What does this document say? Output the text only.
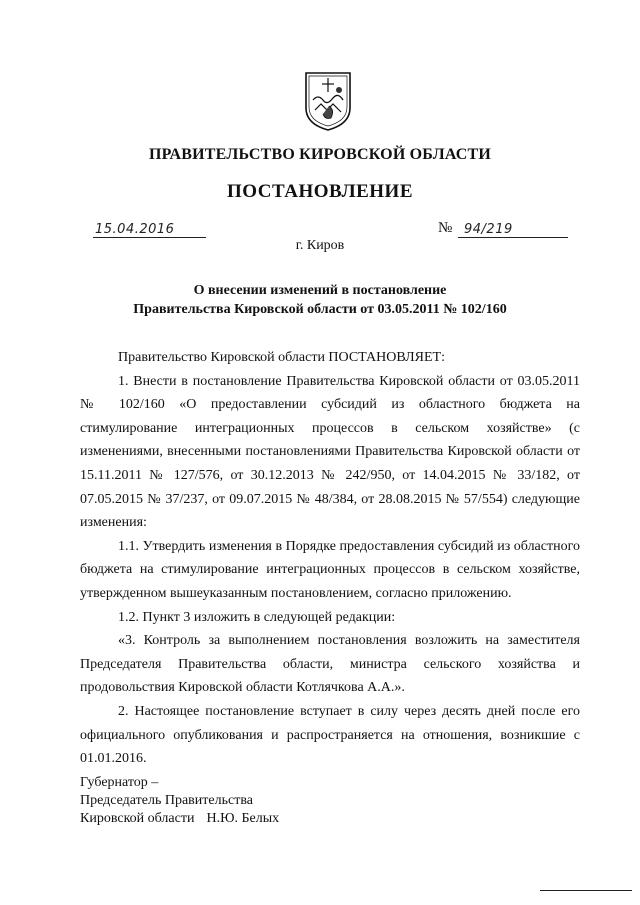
ПРАВИТЕЛЬСТВО КИРОВСКОЙ ОБЛАСТИ
ПОСТАНОВЛЕНИЕ
15.04.2016	№ 94/219
г. Киров
О внесении изменений в постановление
Правительства Кировской области от 03.05.2011 № 102/160

Правительство Кировской области ПОСТАНОВЛЯЕТ:

1. Внести в постановление Правительства Кировской области от 03.05.2011 № 102/160 «О предоставлении субсидий из областного бюджета на стимулирование интеграционных процессов в сельском хозяйстве» (с изменениями, внесенными постановлениями Правительства Кировской области от 15.11.2011 № 127/576, от 30.12.2013 № 242/950, от 14.04.2015 № 33/182, от 07.05.2015 № 37/237, от 09.07.2015 № 48/384, от 28.08.2015 № 57/554) следующие изменения:

1.1. Утвердить изменения в Порядке предоставления субсидий из областного бюджета на стимулирование интеграционных процессов в сельском хозяйстве, утвержденном вышеуказанным постановлением, согласно приложению.

1.2. Пункт 3 изложить в следующей редакции:

«3. Контроль за выполнением постановления возложить на заместителя Председателя Правительства области, министра сельского хозяйства и продовольствия Кировской области Котлячкова А.А.».

2. Настоящее постановление вступает в силу через десять дней после его официального опубликования и распространяется на отношения, возникшие с 01.01.2016.

Губернатор –
Председатель Правительства
Кировской области Н.Ю. Белых
